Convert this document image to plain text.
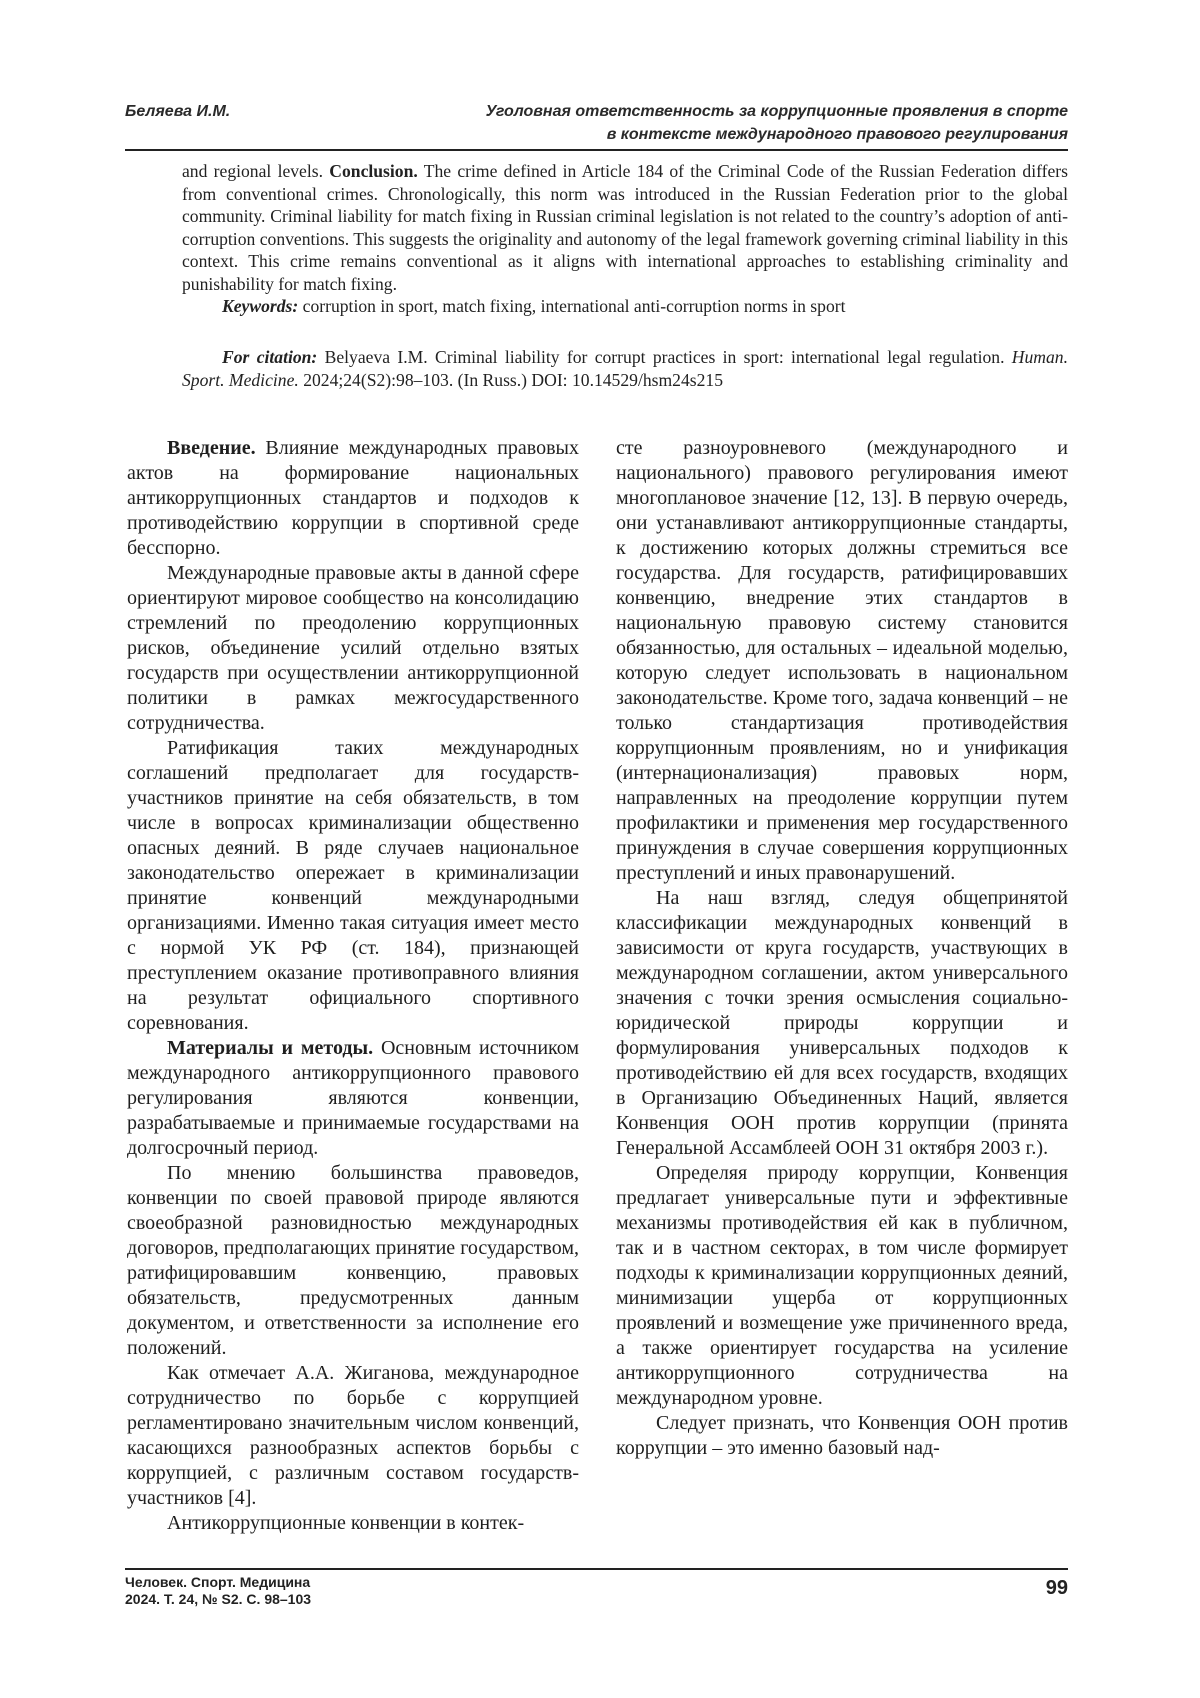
Беляева И.М.	Уголовная ответственность за коррупционные проявления в спорте
в контексте международного правового регулирования

and regional levels. Conclusion. The crime defined in Article 184 of the Criminal Code of the Russian Federation differs from conventional crimes. Chronologically, this norm was introduced in the Russian Federation prior to the global community. Criminal liability for match fixing in Russian criminal legislation is not related to the country’s adoption of anti-corruption conventions. This suggests the originality and autonomy of the legal framework governing criminal liability in this context. This crime remains conventional as it aligns with international approaches to establishing criminality and punishability for match fixing.

Keywords: corruption in sport, match fixing, international anti-corruption norms in sport

For citation: Belyaeva I.M. Criminal liability for corrupt practices in sport: international legal regulation. Human. Sport. Medicine. 2024;24(S2):98–103. (In Russ.) DOI: 10.14529/hsm24s215

Введение. Влияние международных правовых актов на формирование национальных антикоррупционных стандартов и подходов к противодействию коррупции в спортивной среде бесспорно.

Международные правовые акты в данной сфере ориентируют мировое сообщество на консолидацию стремлений по преодолению коррупционных рисков, объединение усилий отдельно взятых государств при осуществлении антикоррупционной политики в рамках межгосударственного сотрудничества.

Ратификация таких международных соглашений предполагает для государств-участников принятие на себя обязательств, в том числе в вопросах криминализации общественно опасных деяний. В ряде случаев национальное законодательство опережает в криминализации принятие конвенций международными организациями. Именно такая ситуация имеет место с нормой УК РФ (ст. 184), признающей преступлением оказание противоправного влияния на результат официального спортивного соревнования.

Материалы и методы. Основным источником международного антикоррупционного правового регулирования являются конвенции, разрабатываемые и принимаемые государствами на долгосрочный период.

По мнению большинства правоведов, конвенции по своей правовой природе являются своеобразной разновидностью международных договоров, предполагающих принятие государством, ратифицировавшим конвенцию, правовых обязательств, предусмотренных данным документом, и ответственности за исполнение его положений.

Как отмечает А.А. Жиганова, международное сотрудничество по борьбе с коррупцией регламентировано значительным числом конвенций, касающихся разнообразных аспектов борьбы с коррупцией, с различным составом государств-участников [4].

Антикоррупционные конвенции в контек-

сте разноуровневого (международного и национального) правового регулирования имеют многоплановое значение [12, 13]. В первую очередь, они устанавливают антикоррупционные стандарты, к достижению которых должны стремиться все государства. Для государств, ратифицировавших конвенцию, внедрение этих стандартов в национальную правовую систему становится обязанностью, для остальных – идеальной моделью, которую следует использовать в национальном законодательстве. Кроме того, задача конвенций – не только стандартизация противодействия коррупционным проявлениям, но и унификация (интернационализация) правовых норм, направленных на преодоление коррупции путем профилактики и применения мер государственного принуждения в случае совершения коррупционных преступлений и иных правонарушений.

На наш взгляд, следуя общепринятой классификации международных конвенций в зависимости от круга государств, участвующих в международном соглашении, актом универсального значения с точки зрения осмысления социально-юридической природы коррупции и формулирования универсальных подходов к противодействию ей для всех государств, входящих в Организацию Объединенных Наций, является Конвенция ООН против коррупции (принята Генеральной Ассамблеей ООН 31 октября 2003 г.).

Определяя природу коррупции, Конвенция предлагает универсальные пути и эффективные механизмы противодействия ей как в публичном, так и в частном секторах, в том числе формирует подходы к криминализации коррупционных деяний, минимизации ущерба от коррупционных проявлений и возмещение уже причиненного вреда, а также ориентирует государства на усиление антикоррупционного сотрудничества на международном уровне.

Следует признать, что Конвенция ООН против коррупции – это именно базовый над-

Человек. Спорт. Медицина
2024. Т. 24, № S2. С. 98–103	99
